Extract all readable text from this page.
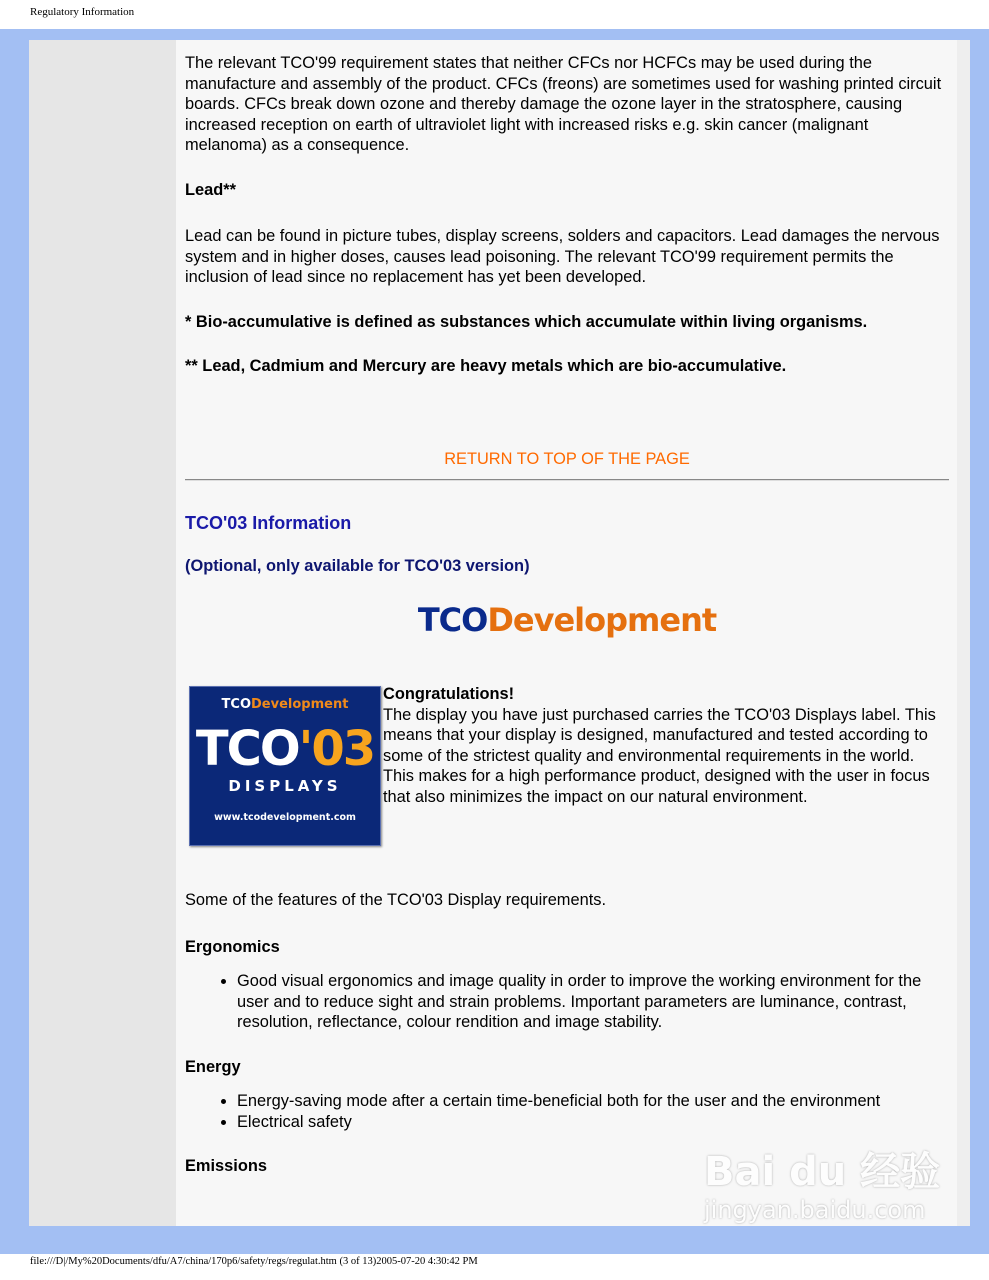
Regulatory Information

The relevant TCO'99 requirement states that neither CFCs nor HCFCs may be used during the manufacture and assembly of the product. CFCs (freons) are sometimes used for washing printed circuit boards. CFCs break down ozone and thereby damage the ozone layer in the stratosphere, causing increased reception on earth of ultraviolet light with increased risks e.g. skin cancer (malignant melanoma) as a consequence.

Lead**

Lead can be found in picture tubes, display screens, solders and capacitors. Lead damages the nervous system and in higher doses, causes lead poisoning. The relevant TCO'99 requirement permits the inclusion of lead since no replacement has yet been developed.

* Bio-accumulative is defined as substances which accumulate within living organisms.

** Lead, Cadmium and Mercury are heavy metals which are bio-accumulative.

RETURN TO TOP OF THE PAGE

TCO'03 Information

(Optional, only available for TCO'03 version)

TCODevelopment
TCODevelopment
TCO'03
DISPLAYS
www.tcodevelopment.com

Congratulations!

The display you have just purchased carries the TCO'03 Displays label. This means that your display is designed, manufactured and tested according to some of the strictest quality and environmental requirements in the world. This makes for a high performance product, designed with the user in focus that also minimizes the impact on our natural environment.

Some of the features of the TCO'03 Display requirements.

Ergonomics

• Good visual ergonomics and image quality in order to improve the working environment for the user and to reduce sight and strain problems. Important parameters are luminance, contrast, resolution, reflectance, colour rendition and image stability.

Energy

• Energy-saving mode after a certain time-beneficial both for the user and the environment
• Electrical safety

Emissions	Bai du 经验
jingyan.baidu.com
file:///D|/My%20Documents/dfu/A7/china/170p6/safety/regs/regulat.htm (3 of 13)2005-07-20 4:30:42 PM
